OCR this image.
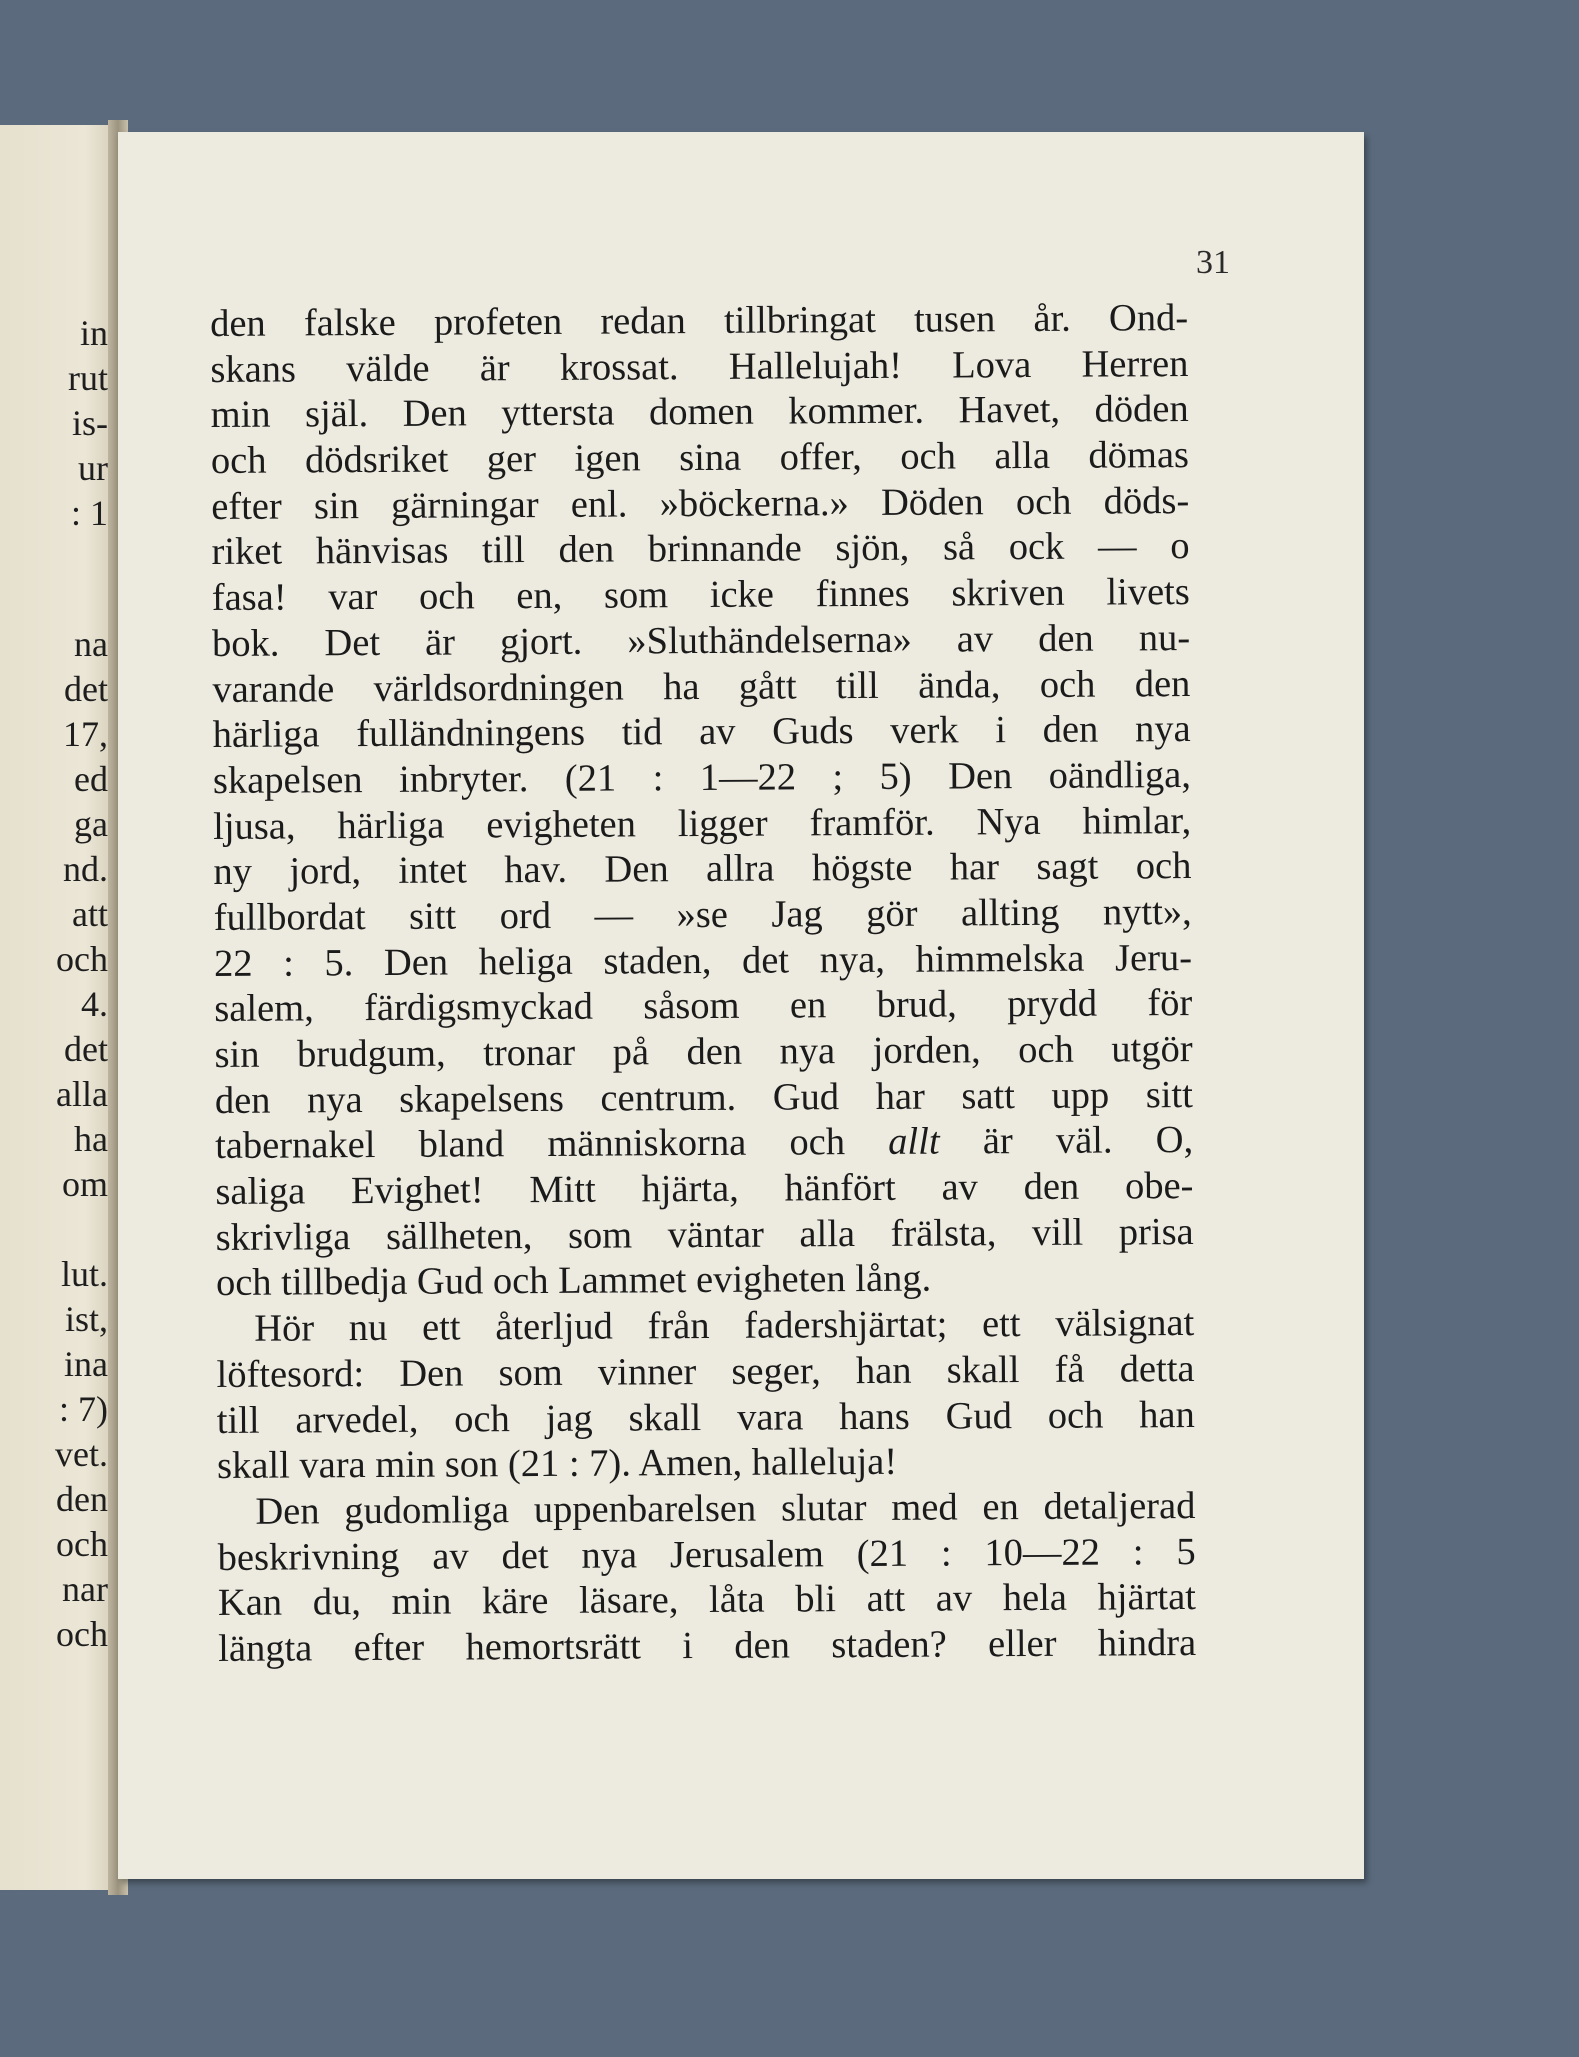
in
rut
is-
ur
: 1
na
det
17,
ed
ga
nd.
att
och
4.
det
alla
ha
om
lut.
ist,
ina
: 7)
vet.
den
och
nar
och
31
den falske profeten redan tillbringat tusen år. Ond-
skans välde är krossat. Hallelujah! Lova Herren
min själ. Den yttersta domen kommer. Havet, döden
och dödsriket ger igen sina offer, och alla dömas
efter sin gärningar enl. »böckerna.» Döden och döds-
riket hänvisas till den brinnande sjön, så ock — o
fasa! var och en, som icke finnes skriven livets
bok. Det är gjort. »Sluthändelserna» av den nu-
varande världsordningen ha gått till ända, och den
härliga fulländningens tid av Guds verk i den nya
skapelsen inbryter. (21 : 1—22 ; 5) Den oändliga,
ljusa, härliga evigheten ligger framför. Nya himlar,
ny jord, intet hav. Den allra högste har sagt och
fullbordat sitt ord — »se Jag gör allting nytt»,
22 : 5. Den heliga staden, det nya, himmelska Jeru-
salem, färdigsmyckad såsom en brud, prydd för
sin brudgum, tronar på den nya jorden, och utgör
den nya skapelsens centrum. Gud har satt upp sitt
tabernakel bland människorna och allt är väl. O,
saliga Evighet! Mitt hjärta, hänfört av den obe-
skrivliga sällheten, som väntar alla frälsta, vill prisa
och tillbedja Gud och Lammet evigheten lång.
Hör nu ett återljud från fadershjärtat; ett välsignat
löftesord: Den som vinner seger, han skall få detta
till arvedel, och jag skall vara hans Gud och han
skall vara min son (21 : 7). Amen, halleluja!
Den gudomliga uppenbarelsen slutar med en detaljerad
beskrivning av det nya Jerusalem (21 : 10—22 : 5
Kan du, min käre läsare, låta bli att av hela hjärtat
längta efter hemortsrätt i den staden? eller hindra
